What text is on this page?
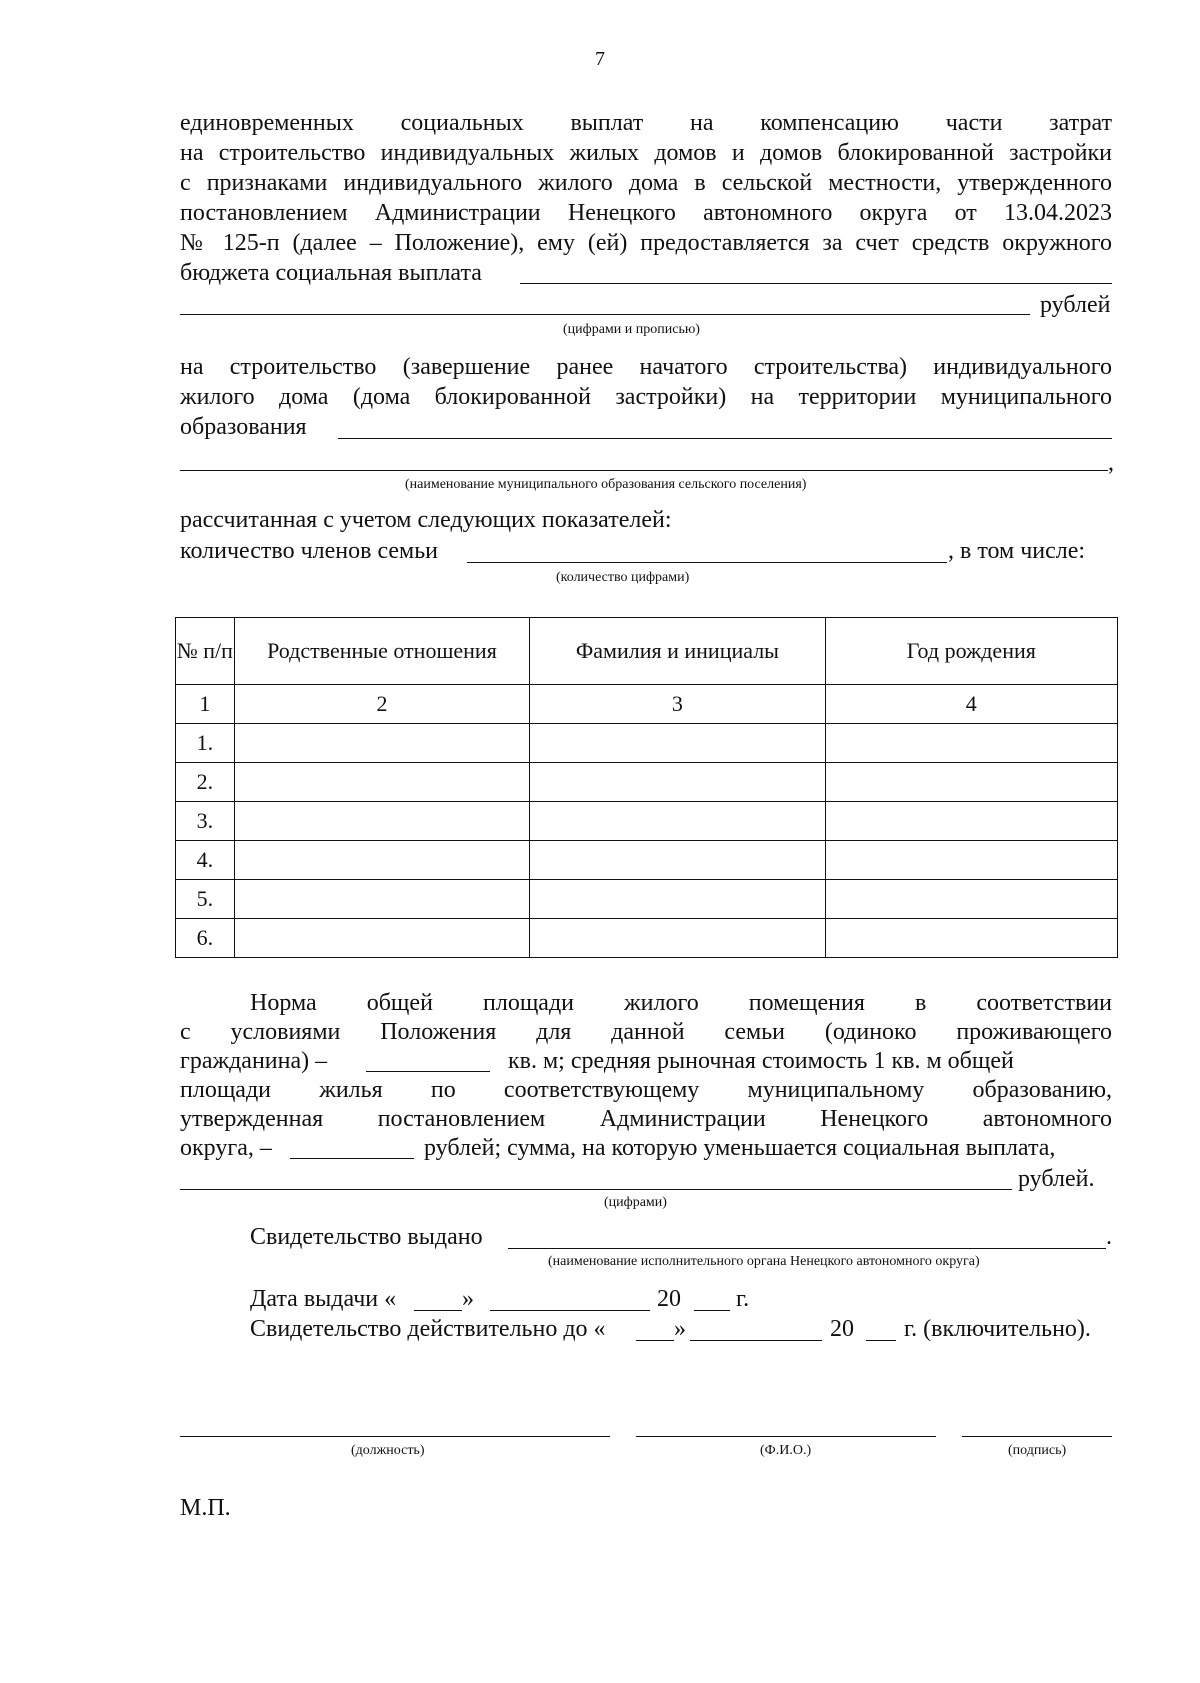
7
единовременных социальных выплат на компенсацию части затрат
на строительство индивидуальных жилых домов и домов блокированной застройки
с признаками индивидуального жилого дома в сельской местности, утвержденного
постановлением Администрации Ненецкого автономного округа от 13.04.2023
№ 125-п (далее – Положение), ему (ей) предоставляется за счет средств окружного
бюджета социальная выплата
рублей
(цифрами и прописью)
на строительство (завершение ранее начатого строительства) индивидуального
жилого дома (дома блокированной застройки) на территории муниципального
образования
,
(наименование муниципального образования сельского поселения)
рассчитанная с учетом следующих показателей:
количество членов семьи	, в том числе:
(количество цифрами)
№ п/п	Родственные отношения	Фамилия и инициалы	Год рождения
1	2	3	4
1.			
2.			
3.			
4.			
5.			
6.			
Норма общей площади жилого помещения в соответствии
с условиями Положения для данной семьи (одиноко проживающего
гражданина) –	кв. м; средняя рыночная стоимость 1 кв. м общей
площади жилья по соответствующему муниципальному образованию,
утвержденная постановлением Администрации Ненецкого автономного
округа, –	рублей; сумма, на которую уменьшается социальная выплата,
рублей.
(цифрами)
Свидетельство выдано	.
(наименование исполнительного органа Ненецкого автономного округа)
Дата выдачи «	»	20 г.
Свидетельство действительно до «	»	20 г. (включительно).
(должность)	(Ф.И.О.)	(подпись)
М.П.
